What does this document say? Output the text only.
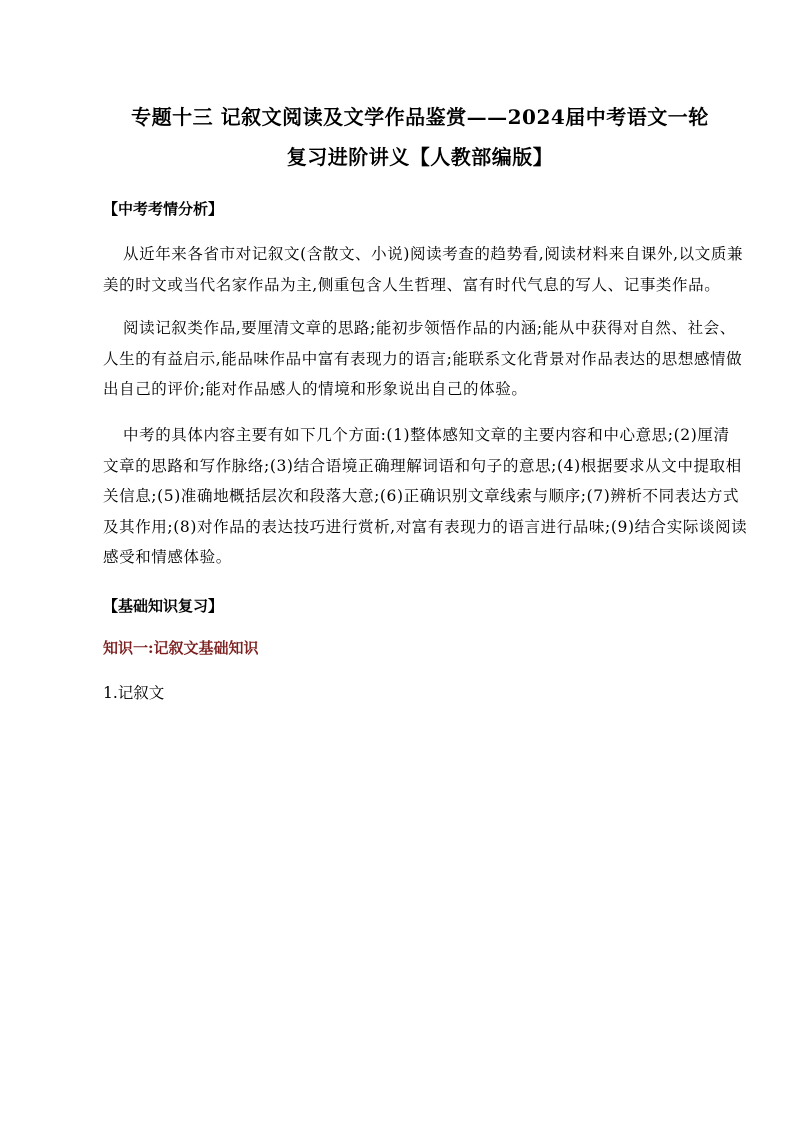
专题十三 记叙文阅读及文学作品鉴赏——2024届中考语文一轮
复习进阶讲义【人教部编版】
【中考考情分析】
从近年来各省市对记叙文(含散文、小说)阅读考查的趋势看,阅读材料来自课外,以文质兼
美的时文或当代名家作品为主,侧重包含人生哲理、富有时代气息的写人、记事类作品。
阅读记叙类作品,要厘清文章的思路;能初步领悟作品的内涵;能从中获得对自然、社会、
人生的有益启示,能品味作品中富有表现力的语言;能联系文化背景对作品表达的思想感情做
出自己的评价;能对作品感人的情境和形象说出自己的体验。
中考的具体内容主要有如下几个方面:(1)整体感知文章的主要内容和中心意思;(2)厘清
文章的思路和写作脉络;(3)结合语境正确理解词语和句子的意思;(4)根据要求从文中提取相
关信息;(5)准确地概括层次和段落大意;(6)正确识别文章线索与顺序;(7)辨析不同表达方式
及其作用;(8)对作品的表达技巧进行赏析,对富有表现力的语言进行品味;(9)结合实际谈阅读
感受和情感体验。
【基础知识复习】
知识一:记叙文基础知识
1.记叙文
